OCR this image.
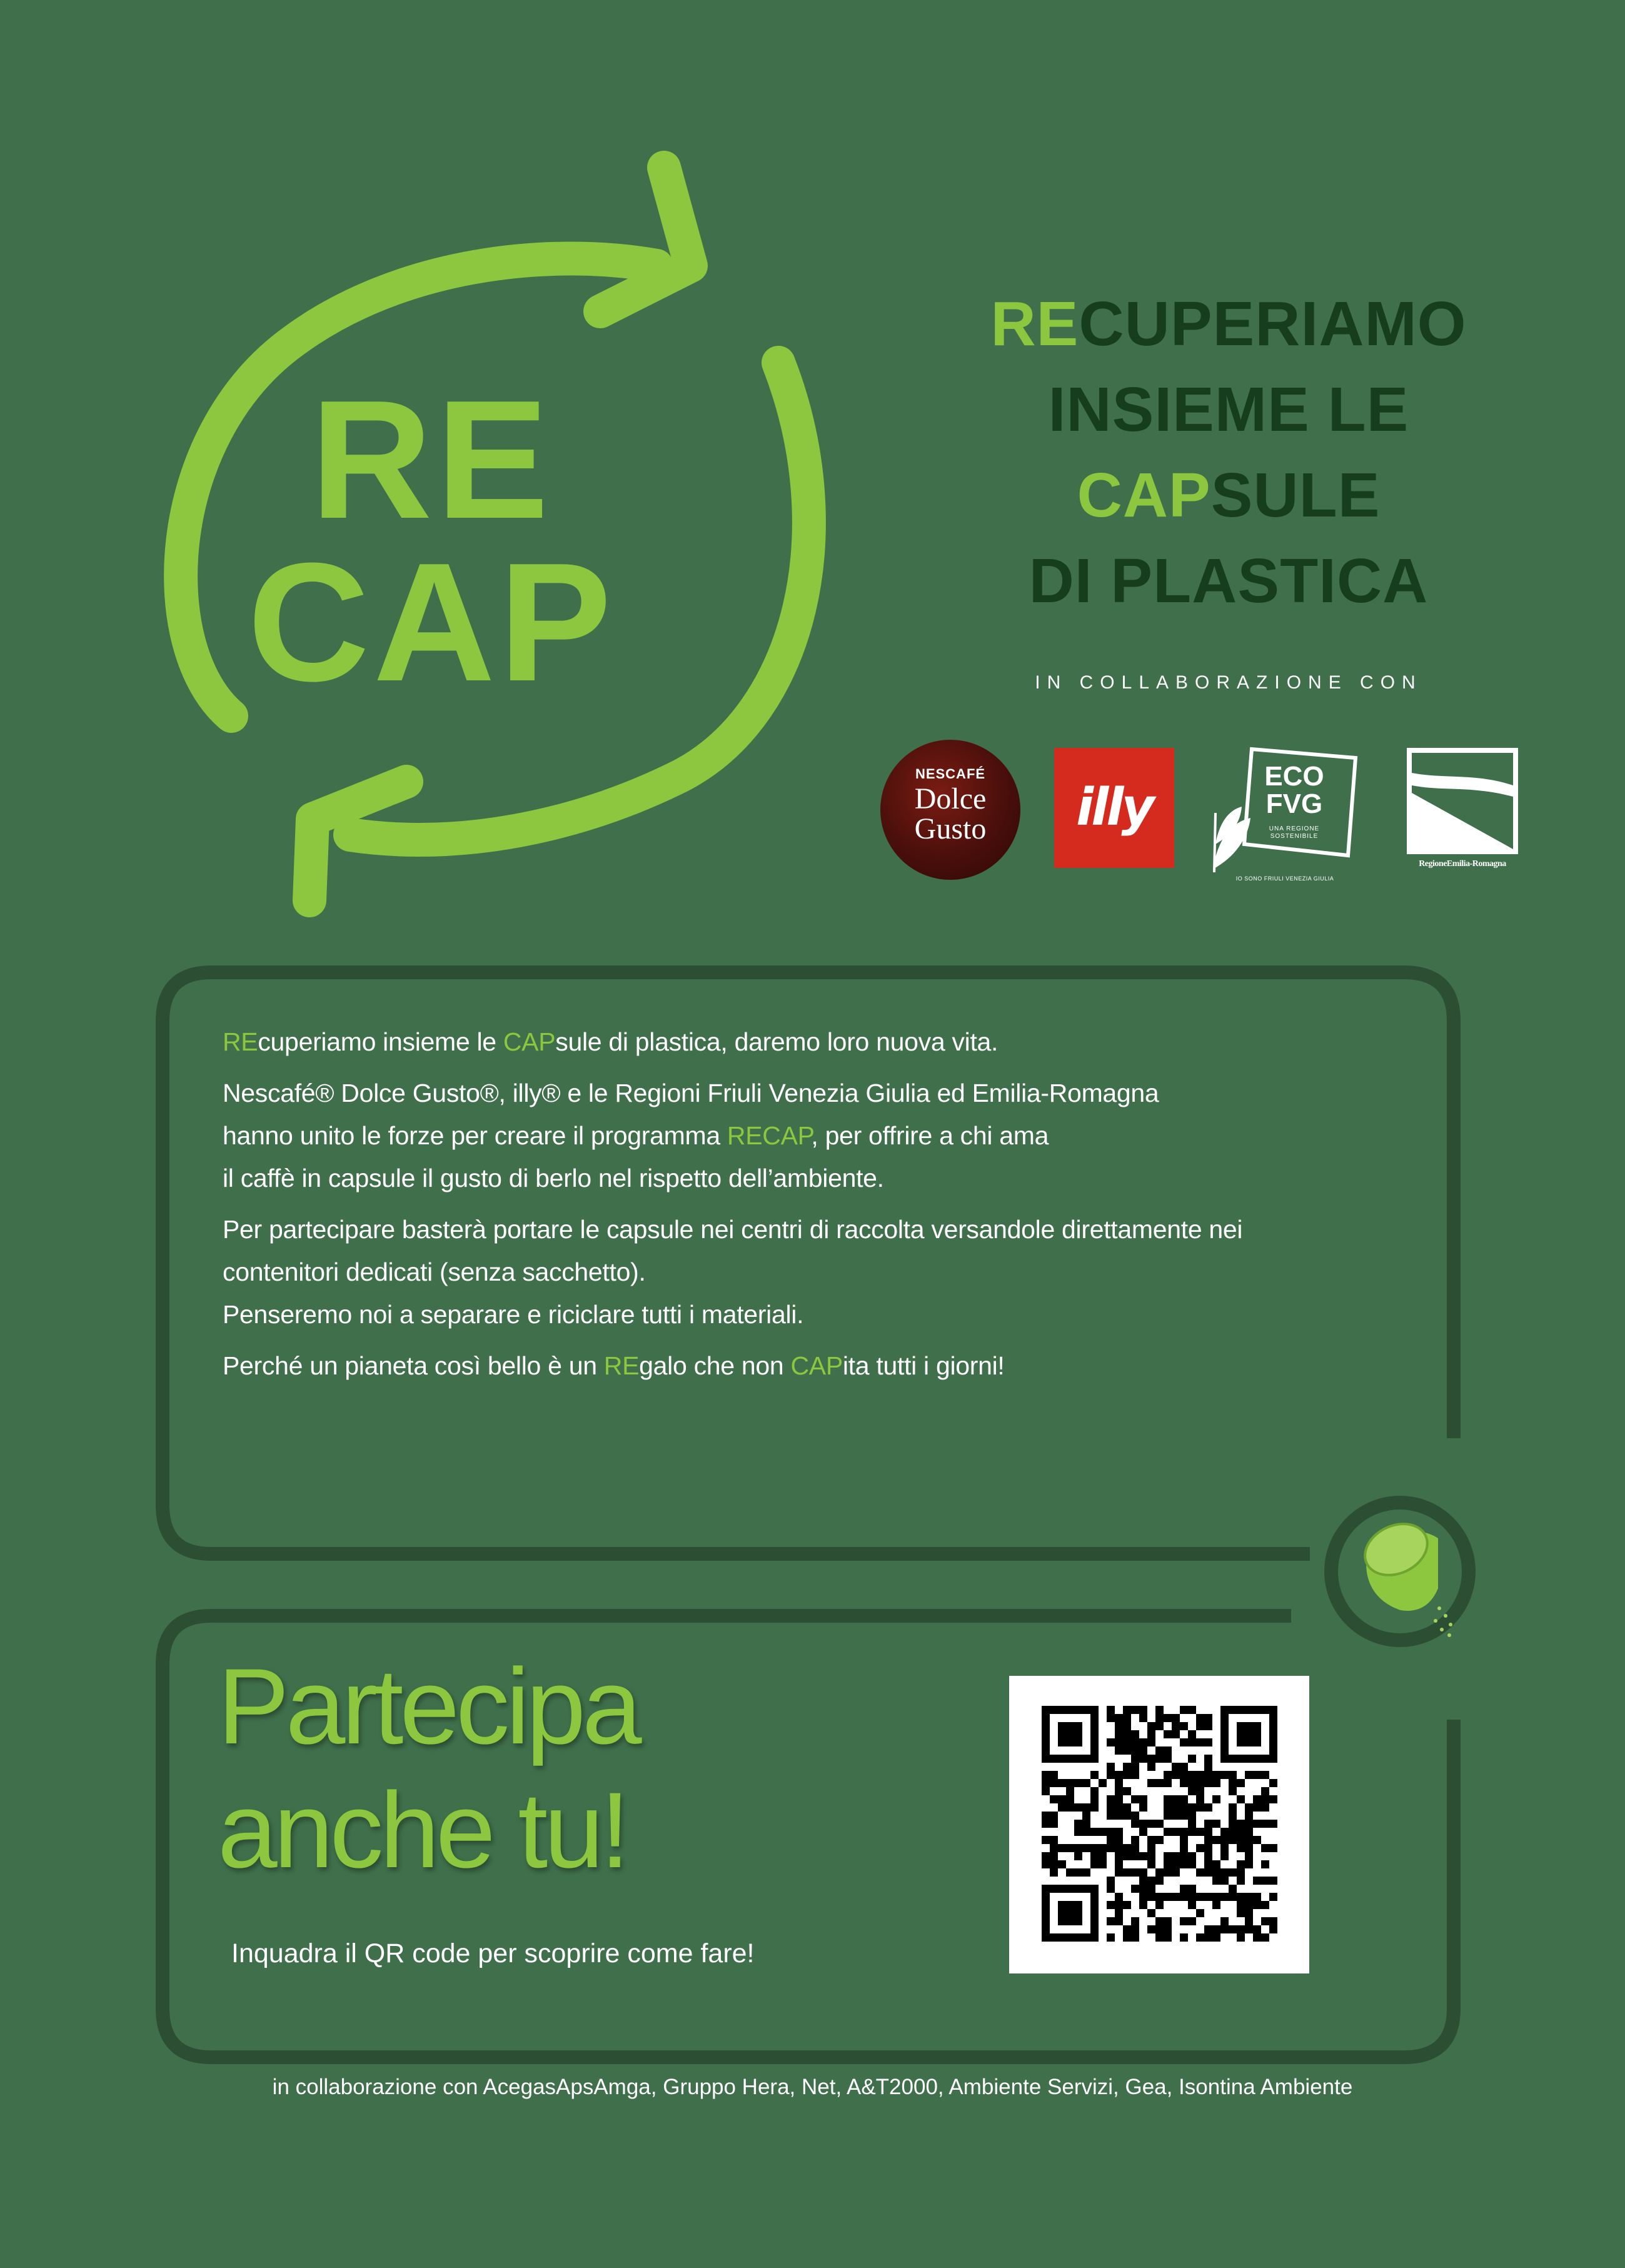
RE
CAP
RECUPERIAMO
INSIEME LE
CAPSULE
DI PLASTICA
IN COLLABORAZIONE CON
NESCAFÉ
Dolce
Gusto	illy
ECO
FVG
UNA REGIONE
SOSTENIBILE
IO SONO FRIULI VENEZIA GIULIA
RegioneEmilia-Romagna

REcuperiamo insieme le CAPsule di plastica, daremo loro nuova vita.

Nescafé® Dolce Gusto®, illy® e le Regioni Friuli Venezia Giulia ed Emilia-Romagna
hanno unito le forze per creare il programma RECAP, per offrire a chi ama
il caffè in capsule il gusto di berlo nel rispetto dell’ambiente.

Per partecipare basterà portare le capsule nei centri di raccolta versandole direttamente nei
contenitori dedicati (senza sacchetto).
Penseremo noi a separare e riciclare tutti i materiali.

Perché un pianeta così bello è un REgalo che non CAPita tutti i giorni!

Partecipa
anche tu!
Inquadra il QR code per scoprire come fare!
in collaborazione con AcegasApsAmga, Gruppo Hera, Net, A&T2000, Ambiente Servizi, Gea, Isontina Ambiente
